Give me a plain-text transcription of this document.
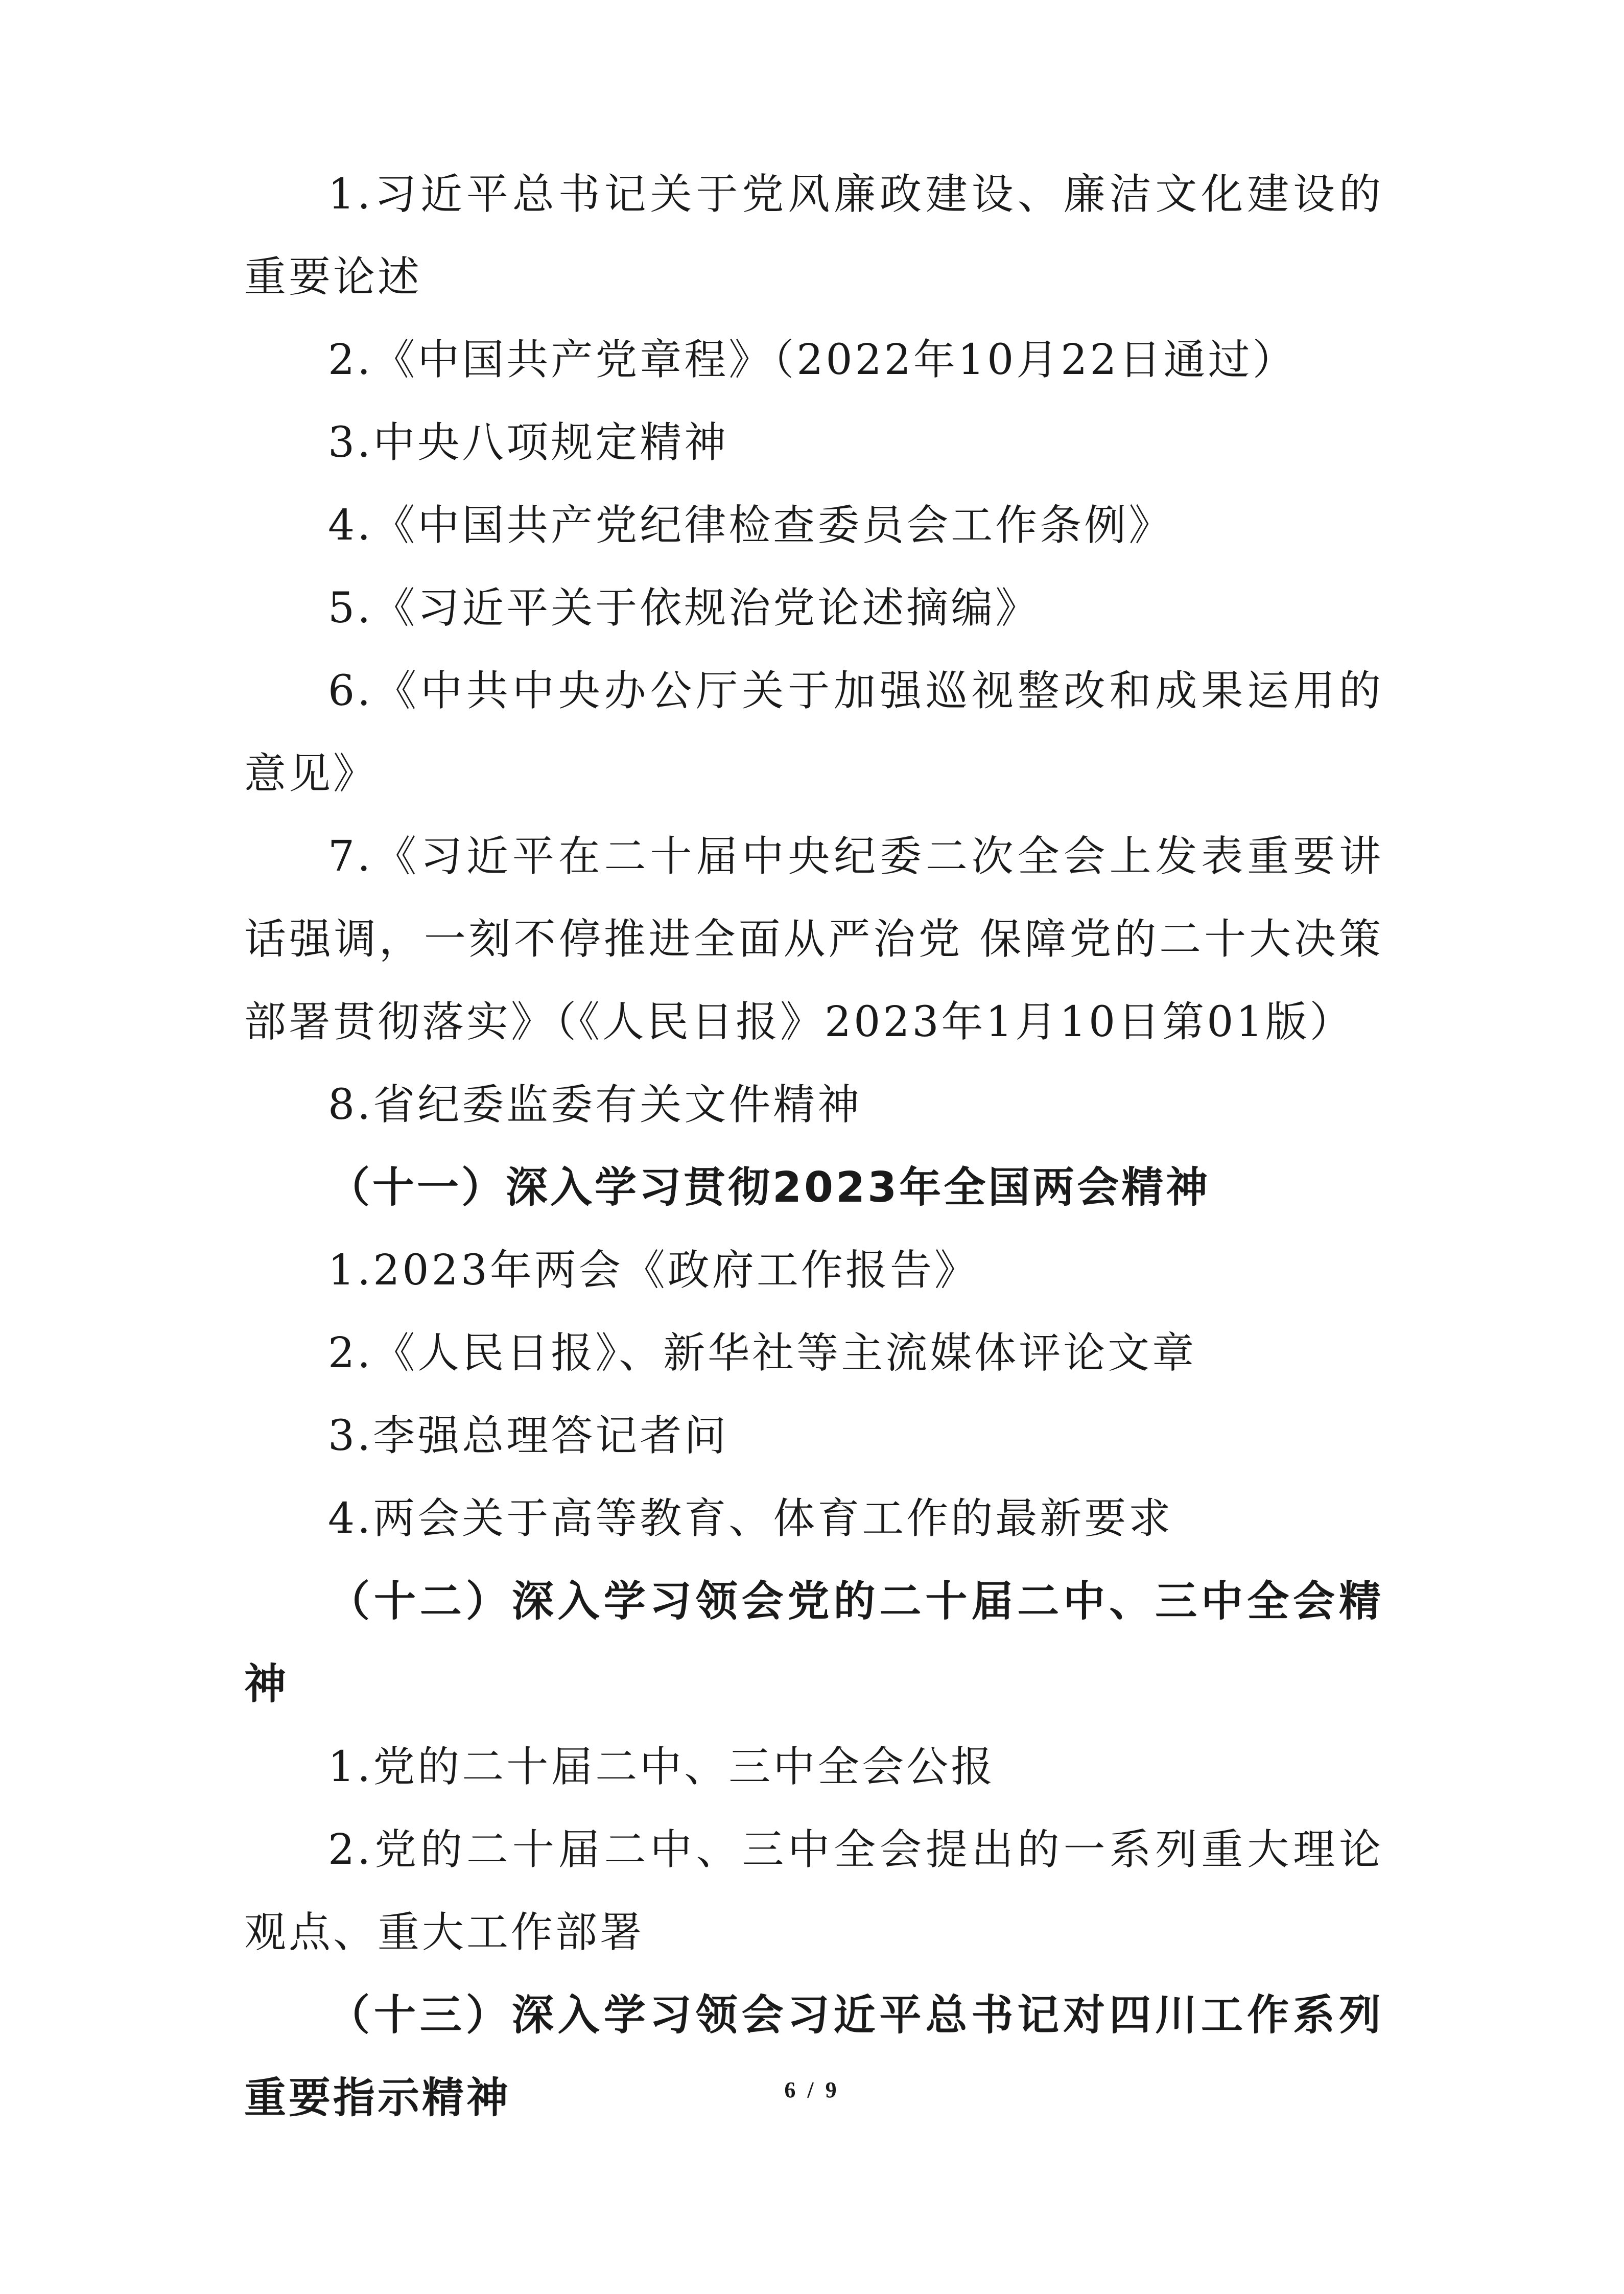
1.习近平总书记关于党风廉政建设、廉洁文化建设的重要论述

2.《中国共产党章程》（2022年10月22日通过）

3.中央八项规定精神

4.《中国共产党纪律检查委员会工作条例》

5.《习近平关于依规治党论述摘编》

6.《中共中央办公厅关于加强巡视整改和成果运用的意见》

7.《习近平在二十届中央纪委二次全会上发表重要讲话强调，一刻不停推进全面从严治党 保障党的二十大决策部署贯彻落实》（《人民日报》2023年1月10日第01版）

8.省纪委监委有关文件精神

（十一）深入学习贯彻2023年全国两会精神

1.2023年两会《政府工作报告》

2.《人民日报》、新华社等主流媒体评论文章

3.李强总理答记者问

4.两会关于高等教育、体育工作的最新要求

（十二）深入学习领会党的二十届二中、三中全会精神

1.党的二十届二中、三中全会公报

2.党的二十届二中、三中全会提出的一系列重大理论观点、重大工作部署

（十三）深入学习领会习近平总书记对四川工作系列重要指示精神	6 / 9
